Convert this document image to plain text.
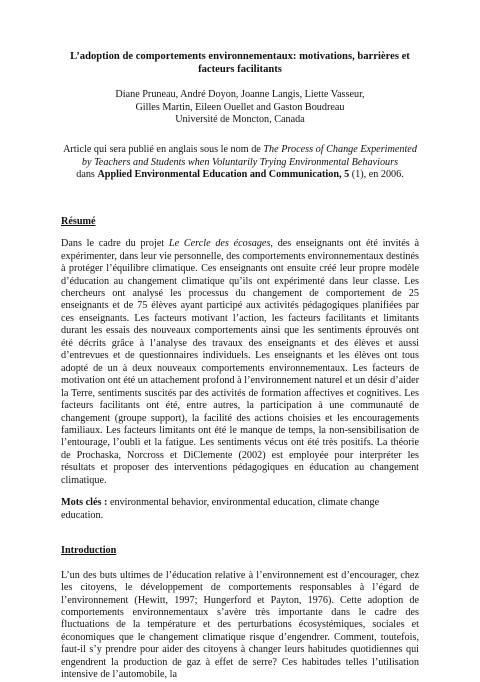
L’adoption de comportements environnementaux: motivations, barrières et facteurs facilitants
Diane Pruneau, André Doyon, Joanne Langis, Liette Vasseur,
Gilles Martin, Eileen Ouellet and Gaston Boudreau
Université de Moncton, Canada
Article qui sera publié en anglais sous le nom de The Process of Change Experimented by Teachers and Students when Voluntarily Trying Environmental Behaviours
dans Applied Environmental Education and Communication, 5 (1), en 2006.
Résumé

Dans le cadre du projet Le Cercle des écosages, des enseignants ont été invités à expérimenter, dans leur vie personnelle, des comportements environnementaux destinés à protéger l’équilibre climatique. Ces enseignants ont ensuite créé leur propre modèle d’éducation au changement climatique qu’ils ont expérimenté dans leur classe. Les chercheurs ont analysé les processus du changement de comportement de 25 enseignants et de 75 élèves ayant participé aux activités pédagogiques planifiées par ces enseignants. Les facteurs motivant l’action, les facteurs facilitants et limitants durant les essais des nouveaux comportements ainsi que les sentiments éprouvés ont été décrits grâce à l’analyse des travaux des enseignants et des élèves et aussi d’entrevues et de questionnaires individuels. Les enseignants et les élèves ont tous adopté de un à deux nouveaux comportements environnementaux. Les facteurs de motivation ont été un attachement profond à l’environnement naturel et un désir d’aider la Terre, sentiments suscités par des activités de formation affectives et cognitives. Les facteurs facilitants ont été, entre autres, la participation à une communauté de changement (groupe support), la facilité des actions choisies et les encouragements familiaux. Les facteurs limitants ont été le manque de temps, la non-sensibilisation de l’entourage, l’oubli et la fatigue. Les sentiments vécus ont été très positifs. La théorie de Prochaska, Norcross et DiClemente (2002) est employée pour interpréter les résultats et proposer des interventions pédagogiques en éducation au changement climatique.

Mots clés : environmental behavior, environmental education, climate change education.

Introduction

L’un des buts ultimes de l’éducation relative à l’environnement est d’encourager, chez les citoyens, le développement de comportements responsables à l’égard de l’environnement (Hewitt, 1997; Hungerford et Payton, 1976). Cette adoption de comportements environnementaux s’avère très importante dans le cadre des fluctuations de la température et des perturbations écosystémiques, sociales et économiques que le changement climatique risque d’engendrer. Comment, toutefois, faut-il s’y prendre pour aider des citoyens à changer leurs habitudes quotidiennes qui engendrent la production de gaz à effet de serre? Ces habitudes telles l’utilisation intensive de l’automobile, la
